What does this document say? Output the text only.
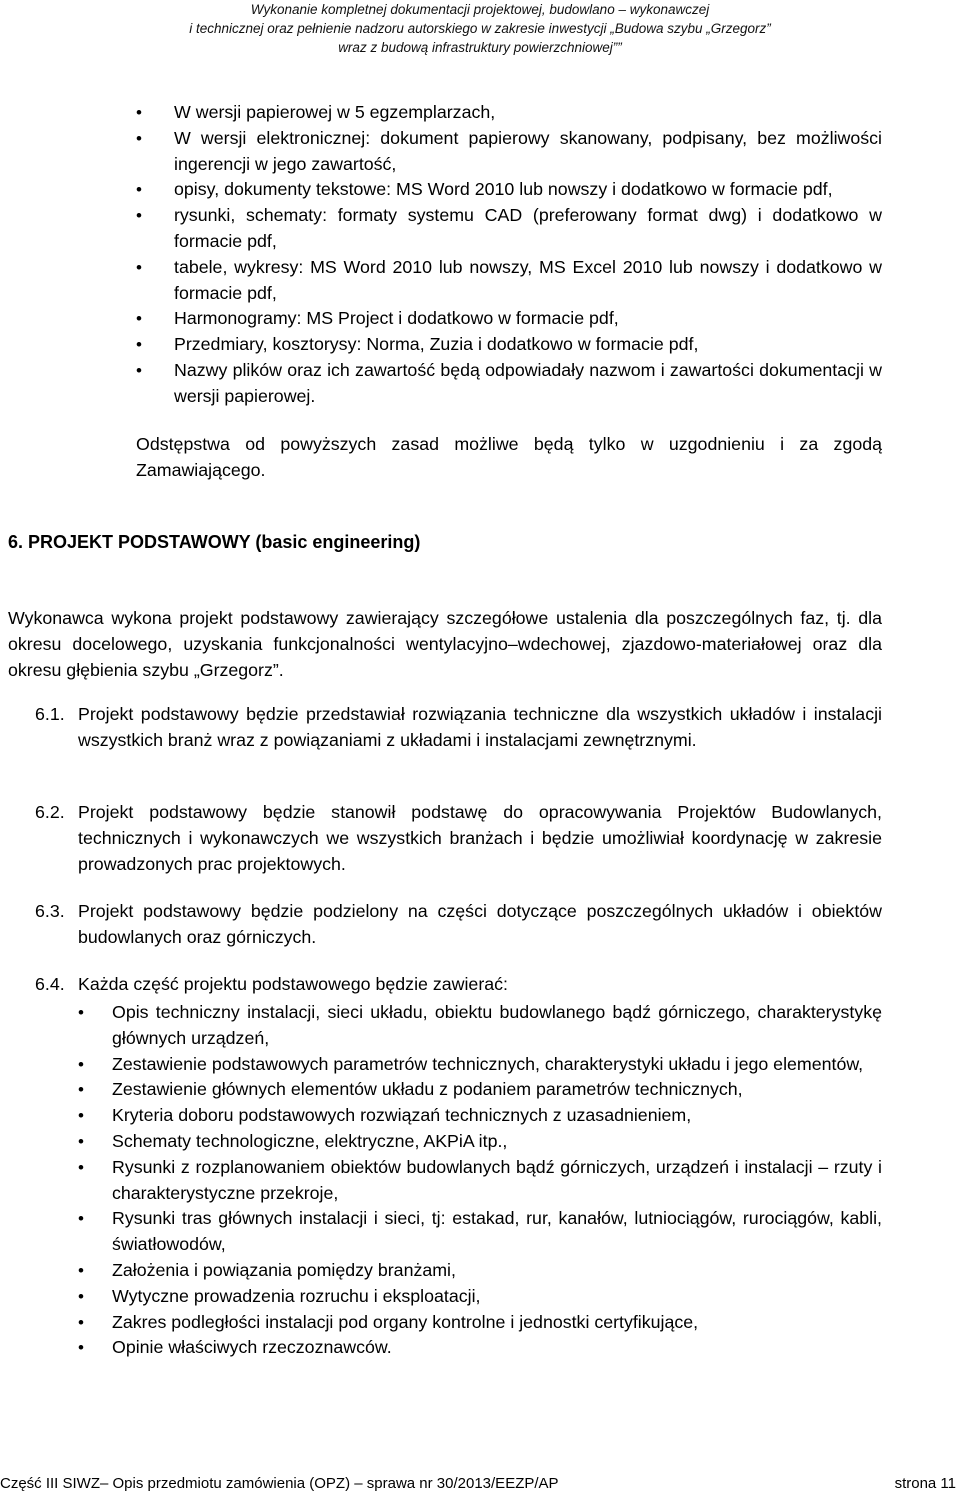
Wykonanie kompletnej dokumentacji projektowej, budowlano – wykonawczej
i technicznej oraz pełnienie nadzoru autorskiego w zakresie inwestycji „Budowa szybu „Grzegorz”
wraz z budową infrastruktury powierzchniowej””
• W wersji papierowej w 5 egzemplarzach,
• W wersji elektronicznej: dokument papierowy skanowany, podpisany, bez możliwości ingerencji w jego zawartość,
• opisy, dokumenty tekstowe: MS Word 2010 lub nowszy i dodatkowo w formacie pdf,
• rysunki, schematy: formaty systemu CAD (preferowany format dwg) i dodatkowo w formacie pdf,
• tabele, wykresy: MS Word 2010 lub nowszy, MS Excel 2010 lub nowszy i dodatkowo w formacie pdf,
• Harmonogramy: MS Project i dodatkowo w formacie pdf,
• Przedmiary, kosztorysy: Norma, Zuzia i dodatkowo w formacie pdf,
• Nazwy plików oraz ich zawartość będą odpowiadały nazwom i zawartości dokumentacji w wersji papierowej.
Odstępstwa od powyższych zasad możliwe będą tylko w uzgodnieniu i za zgodą Zamawiającego.
6. PROJEKT PODSTAWOWY (basic engineering)
Wykonawca wykona projekt podstawowy zawierający szczegółowe ustalenia dla poszczególnych faz, tj. dla okresu docelowego, uzyskania funkcjonalności wentylacyjno–wdechowej, zjazdowo-materiałowej oraz dla okresu głębienia szybu „Grzegorz”.
6.1. Projekt podstawowy będzie przedstawiał rozwiązania techniczne dla wszystkich układów i instalacji wszystkich branż wraz z powiązaniami z układami i instalacjami zewnętrznymi.
6.2. Projekt podstawowy będzie stanowił podstawę do opracowywania Projektów Budowlanych, technicznych i wykonawczych we wszystkich branżach i będzie umożliwiał koordynację w zakresie prowadzonych prac projektowych.
6.3. Projekt podstawowy będzie podzielony na części dotyczące poszczególnych układów i obiektów budowlanych oraz górniczych.
6.4. Każda część projektu podstawowego będzie zawierać:
• Opis techniczny instalacji, sieci układu, obiektu budowlanego bądź górniczego, charakterystykę głównych urządzeń,
• Zestawienie podstawowych parametrów technicznych, charakterystyki układu i jego elementów,
• Zestawienie głównych elementów układu z podaniem parametrów technicznych,
• Kryteria doboru podstawowych rozwiązań technicznych z uzasadnieniem,
• Schematy technologiczne, elektryczne, AKPiA itp.,
• Rysunki z rozplanowaniem obiektów budowlanych bądź górniczych, urządzeń i instalacji – rzuty i charakterystyczne przekroje,
• Rysunki tras głównych instalacji i sieci, tj: estakad, rur, kanałów, lutniociągów, rurociągów, kabli, światłowodów,
• Założenia i powiązania pomiędzy branżami,
• Wytyczne prowadzenia rozruchu i eksploatacji,
• Zakres podległości instalacji pod organy kontrolne i jednostki certyfikujące,
• Opinie właściwych rzeczoznawców.
Część III SIWZ– Opis przedmiotu zamówienia (OPZ) – sprawa nr 30/2013/EEZP/AP	strona 11
